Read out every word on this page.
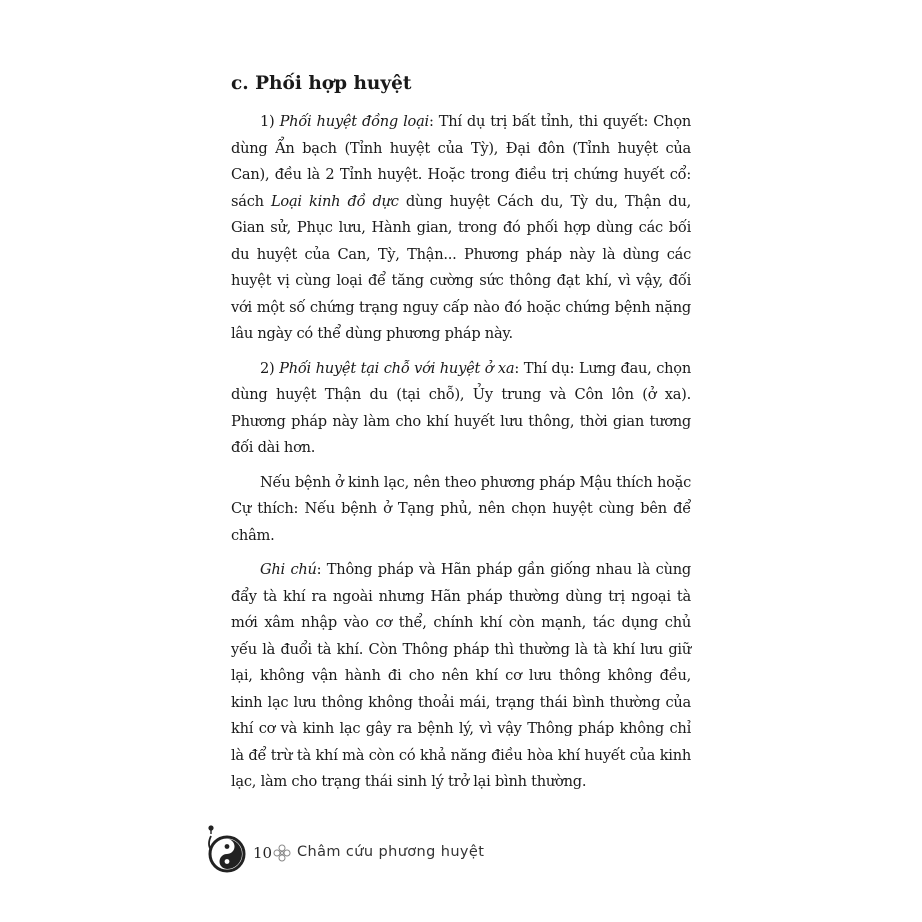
c. Phối hợp huyệt

1) Phối huyệt đồng loại: Thí dụ trị bất tỉnh, thi quyết: Chọn dùng Ẩn bạch (Tỉnh huyệt của Tỳ), Đại đôn (Tỉnh huyệt của Can), đều là 2 Tỉnh huyệt. Hoặc trong điều trị chứng huyết cổ: sách Loại kinh đồ dực dùng huyệt Cách du, Tỳ du, Thận du, Gian sử, Phục lưu, Hành gian, trong đó phối hợp dùng các bối du huyệt của Can, Tỳ, Thận... Phương pháp này là dùng các huyệt vị cùng loại để tăng cường sức thông đạt khí, vì vậy, đối với một số chứng trạng nguy cấp nào đó hoặc chứng bệnh nặng lâu ngày có thể dùng phương pháp này.

2) Phối huyệt tại chỗ với huyệt ở xa: Thí dụ: Lưng đau, chọn dùng huyệt Thận du (tại chỗ), Ủy trung và Côn lôn (ở xa). Phương pháp này làm cho khí huyết lưu thông, thời gian tương đối dài hơn.

Nếu bệnh ở kinh lạc, nên theo phương pháp Mậu thích hoặc Cự thích: Nếu bệnh ở Tạng phủ, nên chọn huyệt cùng bên để châm.

Ghi chú: Thông pháp và Hãn pháp gần giống nhau là cùng đẩy tà khí ra ngoài nhưng Hãn pháp thường dùng trị ngoại tà mới xâm nhập vào cơ thể, chính khí còn mạnh, tác dụng chủ yếu là đuổi tà khí. Còn Thông pháp thì thường là tà khí lưu giữ lại, không vận hành đi cho nên khí cơ lưu thông không đều, kinh lạc lưu thông không thoải mái, trạng thái bình thường của khí cơ và kinh lạc gây ra bệnh lý, vì vậy Thông pháp không chỉ là để trừ tà khí mà còn có khả năng điều hòa khí huyết của kinh lạc, làm cho trạng thái sinh lý trở lại bình thường.

10 Châm cứu phương huyệt
